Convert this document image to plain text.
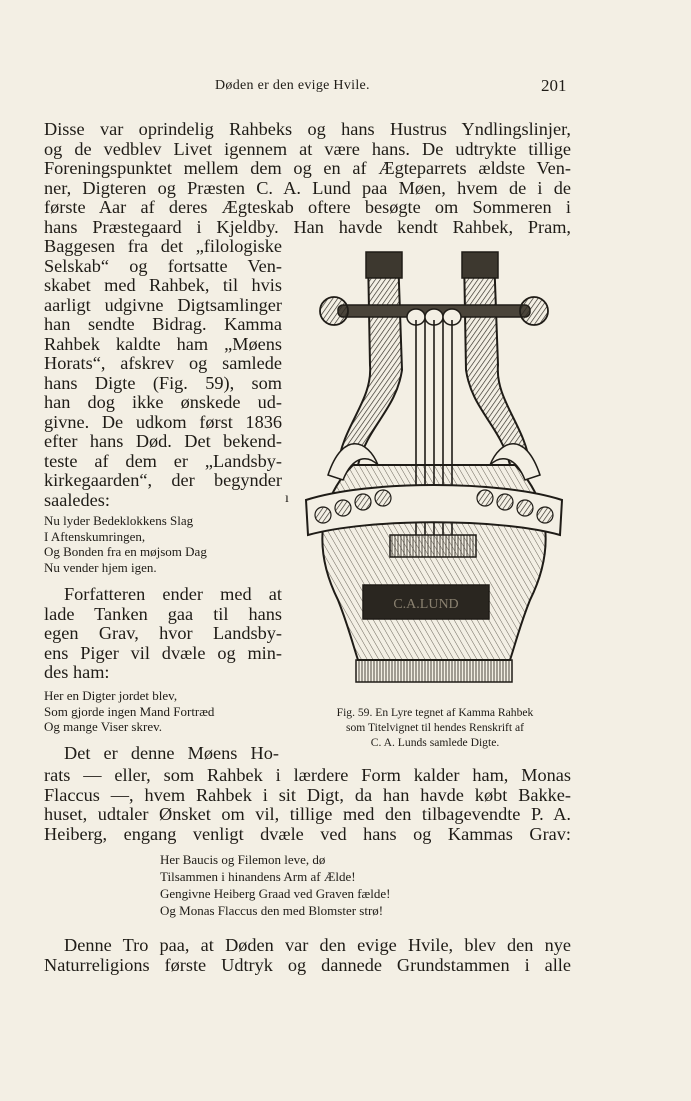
Døden er den evige Hvile.	201
Disse var oprindelig Rahbeks og hans Hustrus Yndlingslinjer,
og de vedblev Livet igennem at være hans. De udtrykte tillige
Foreningspunktet mellem dem og en af Ægteparrets ældste Ven-
ner, Digteren og Præsten C. A. Lund paa Møen, hvem de i de
første Aar af deres Ægteskab oftere besøgte om Sommeren i
hans Præstegaard i Kjeldby. Han havde kendt Rahbek, Pram,
Baggesen fra det „filologiske
Selskab“ og fortsatte Ven-
skabet med Rahbek, til hvis
aarligt udgivne Digtsamlinger
han sendte Bidrag. Kamma
Rahbek kaldte ham „Møens
Horats“, afskrev og samlede
hans Digte (Fig. 59), som
han dog ikke ønskede ud-
givne. De udkom først 1836
efter hans Død. Det bekend-
teste af dem er „Landsby-
kirkegaarden“, der begynder
saaledes:	ı
Nu lyder Bedeklokkens Slag
I Aftenskumringen,
Og Bonden fra en møjsom Dag
Nu vender hjem igen.
Forfatteren ender med at
lade Tanken gaa til hans
egen Grav, hvor Landsby-
ens Piger vil dvæle og min-
des ham:
Her en Digter jordet blev,
Som gjorde ingen Mand Fortræd
Og mange Viser skrev.
C.A.LUND
Fig. 59. En Lyre tegnet af Kamma Rahbek
som Titelvignet til hendes Renskrift af
C. A. Lunds samlede Digte.
Det er denne Møens Ho-
rats — eller, som Rahbek i lærdere Form kalder ham, Monas
Flaccus —, hvem Rahbek i sit Digt, da han havde købt Bakke-
huset, udtaler Ønsket om vil, tillige med den tilbagevendte P. A.
Heiberg, engang venligt dvæle ved hans og Kammas Grav:
Her Baucis og Filemon leve, dø
Tilsammen i hinandens Arm af Ælde!
Gengivne Heiberg Graad ved Graven fælde!
Og Monas Flaccus den med Blomster strø!
Denne Tro paa, at Døden var den evige Hvile, blev den nye
Naturreligions første Udtryk og dannede Grundstammen i alle
